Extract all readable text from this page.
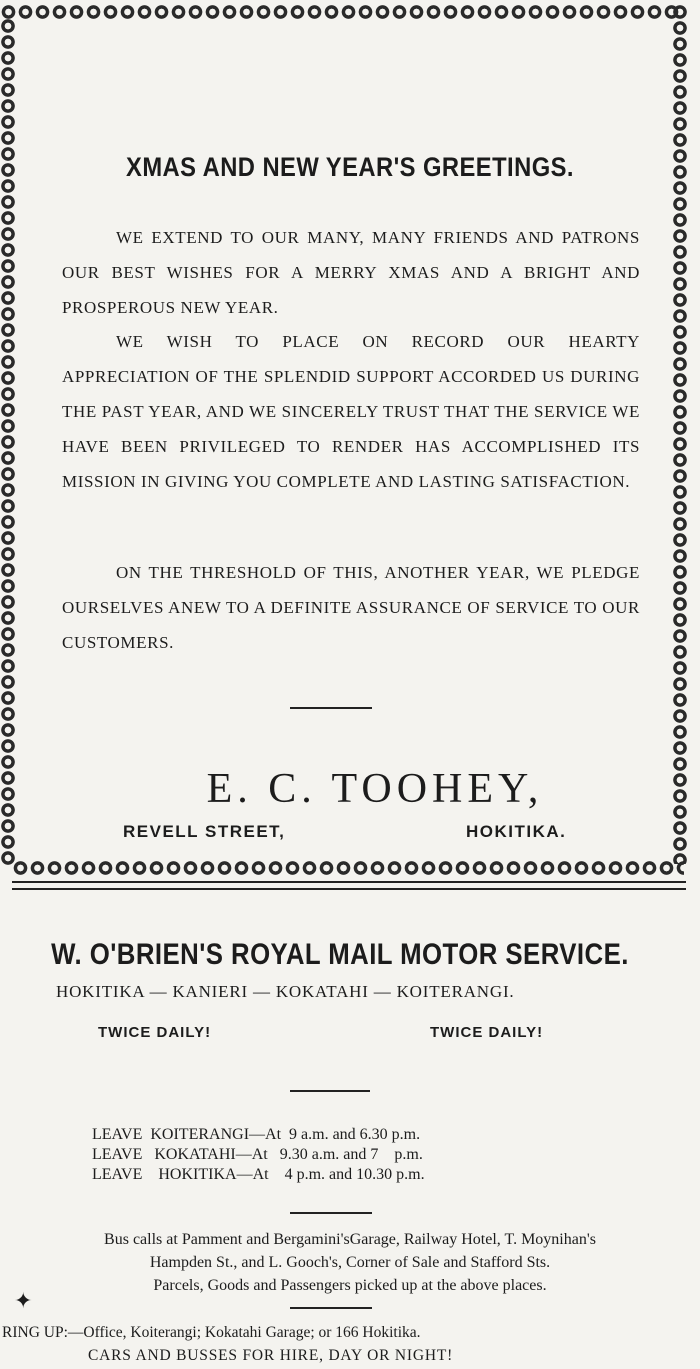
XMAS AND NEW YEAR'S GREETINGS.
WE EXTEND TO OUR MANY, MANY FRIENDS AND PATRONS OUR BEST WISHES FOR A MERRY XMAS AND A BRIGHT AND PROSPEROUS NEW YEAR.
WE WISH TO PLACE ON RECORD OUR HEARTY APPRECIATION OF THE SPLENDID SUPPORT ACCORDED US DURING THE PAST YEAR, AND WE SINCERELY TRUST THAT THE SERVICE WE HAVE BEEN PRIVILEGED TO RENDER HAS ACCOMPLISHED ITS MISSION IN GIVING YOU COMPLETE AND LASTING SATISFACTION.
ON THE THRESHOLD OF THIS, ANOTHER YEAR, WE PLEDGE OURSELVES ANEW TO A DEFINITE ASSURANCE OF SERVICE TO OUR CUSTOMERS.
E. C. TOOHEY,
REVELL STREET,	HOKITIKA.
W. O'BRIEN'S ROYAL MAIL MOTOR SERVICE.
HOKITIKA — KANIERI — KOKATAHI — KOITERANGI.
TWICE DAILY!	TWICE DAILY!
LEAVE  KOITERANGI—At  9 a.m. and 6.30 p.m.
LEAVE   KOKATAHI—At   9.30 a.m. and 7    p.m.
LEAVE    HOKITIKA—At    4 p.m. and 10.30 p.m.
Bus calls at Pamment and Bergamini'sGarage, Railway Hotel, T. Moynihan's
Hampden St., and L. Gooch's, Corner of Sale and Stafford Sts.
Parcels, Goods and Passengers picked up at the above places.
✦
RING UP:—Office, Koiterangi; Kokatahi Garage; or 166 Hokitika.
CARS AND BUSSES FOR HIRE, DAY OR NIGHT!
